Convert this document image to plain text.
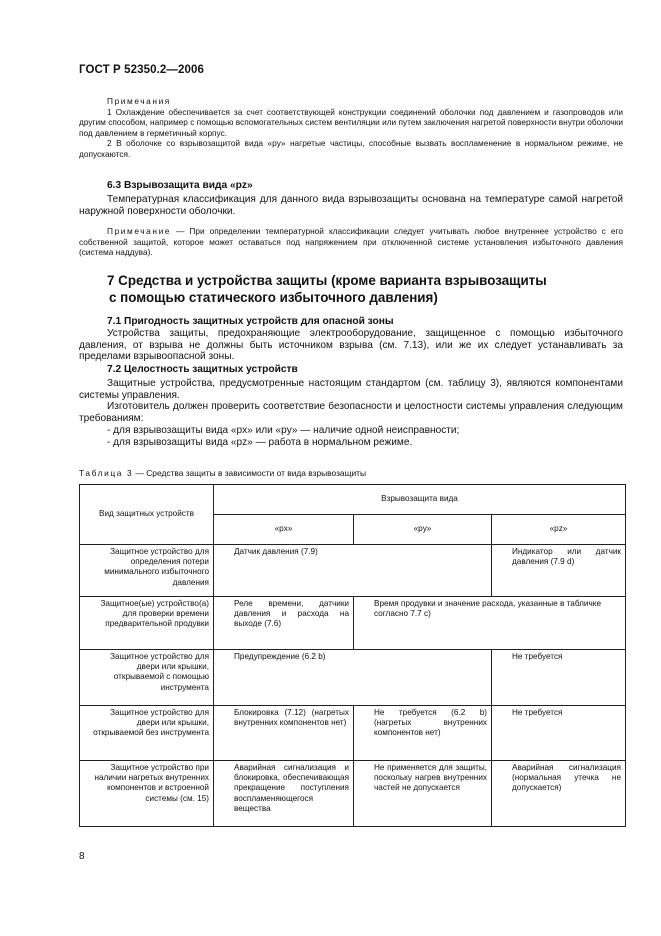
ГОСТ Р 52350.2—2006

Примечания

1 Охлаждение обеспечивается за счет соответствующей конструкции соединений оболочки под давлением и газопроводов или другим способом, например с помощью вспомогательных систем вентиляции или путем заключения нагретой поверхности внутри оболочки под давлением в герметичный корпус.

2 В оболочке со взрывозащитой вида «py» нагретые частицы, способные вызвать воспламенение в нормальном режиме, не допускаются.

6.3 Взрывозащита вида «pz»

Температурная классификация для данного вида взрывозащиты основана на температуре самой нагретой наружной поверхности оболочки.

Примечание — При определении температурной классификации следует учитывать любое внутреннее устройство с его собственной защитой, которое может оставаться под напряжением при отключенной системе установления избыточного давления (система наддува).

7 Средства и устройства защиты (кроме варианта взрывозащиты
с помощью статического избыточного давления)
7.1 Пригодность защитных устройств для опасной зоны

Устройства защиты, предохраняющие электрооборудование, защищенное с помощью избыточного давления, от взрыва не должны быть источником взрыва (см. 7.13), или же их следует устанавливать за пределами взрывоопасной зоны.

7.2 Целостность защитных устройств

Защитные устройства, предусмотренные настоящим стандартом (см. таблицу 3), являются компонентами системы управления.

Изготовитель должен проверить соответствие безопасности и целостности системы управления следующим требованиям:

- для взрывозащиты вида «px» или «py» — наличие одной неисправности;

- для взрывозащиты вида «pz» — работа в нормальном режиме.

Таблица 3 — Средства защиты в зависимости от вида взрывозащиты
Вид защитных устройств	Взрывозащита вида		
	«px»	«py»	«pz»
Защитное устройство для определения потери минимального избыточного давления	Датчик давления (7.9)		Индикатор или датчик давления (7.9 d)
Защитное(ые) устройство(а) для проверки времени предварительной продувки	Реле времени, датчики давления и расхода на выходе (7.6)	Время продувки и значение расхода, указанные в табличке согласно 7.7 с)	
Защитное устройство для двери или крышки, открываемой с помощью инструмента	Предупреждение (6.2 b)		Не требуется
Защитное устройство для двери или крышки, открываемой без инструмента	Блокировка (7.12) (нагретых внутренних компонентов нет)	Не требуется (6.2 b) (нагретых внутренних компонентов нет)	Не требуется
Защитное устройство при наличии нагретых внутренних компонентов и встроенной системы (см. 15)	Аварийная сигнализация и блокировка, обеспечивающая прекращение поступления воспламеняющегося вещества	Не применяется для защиты, поскольку нагрев внутренних частей не допускается	Аварийная сигнализация (нормальная утечка не допускается)
8
